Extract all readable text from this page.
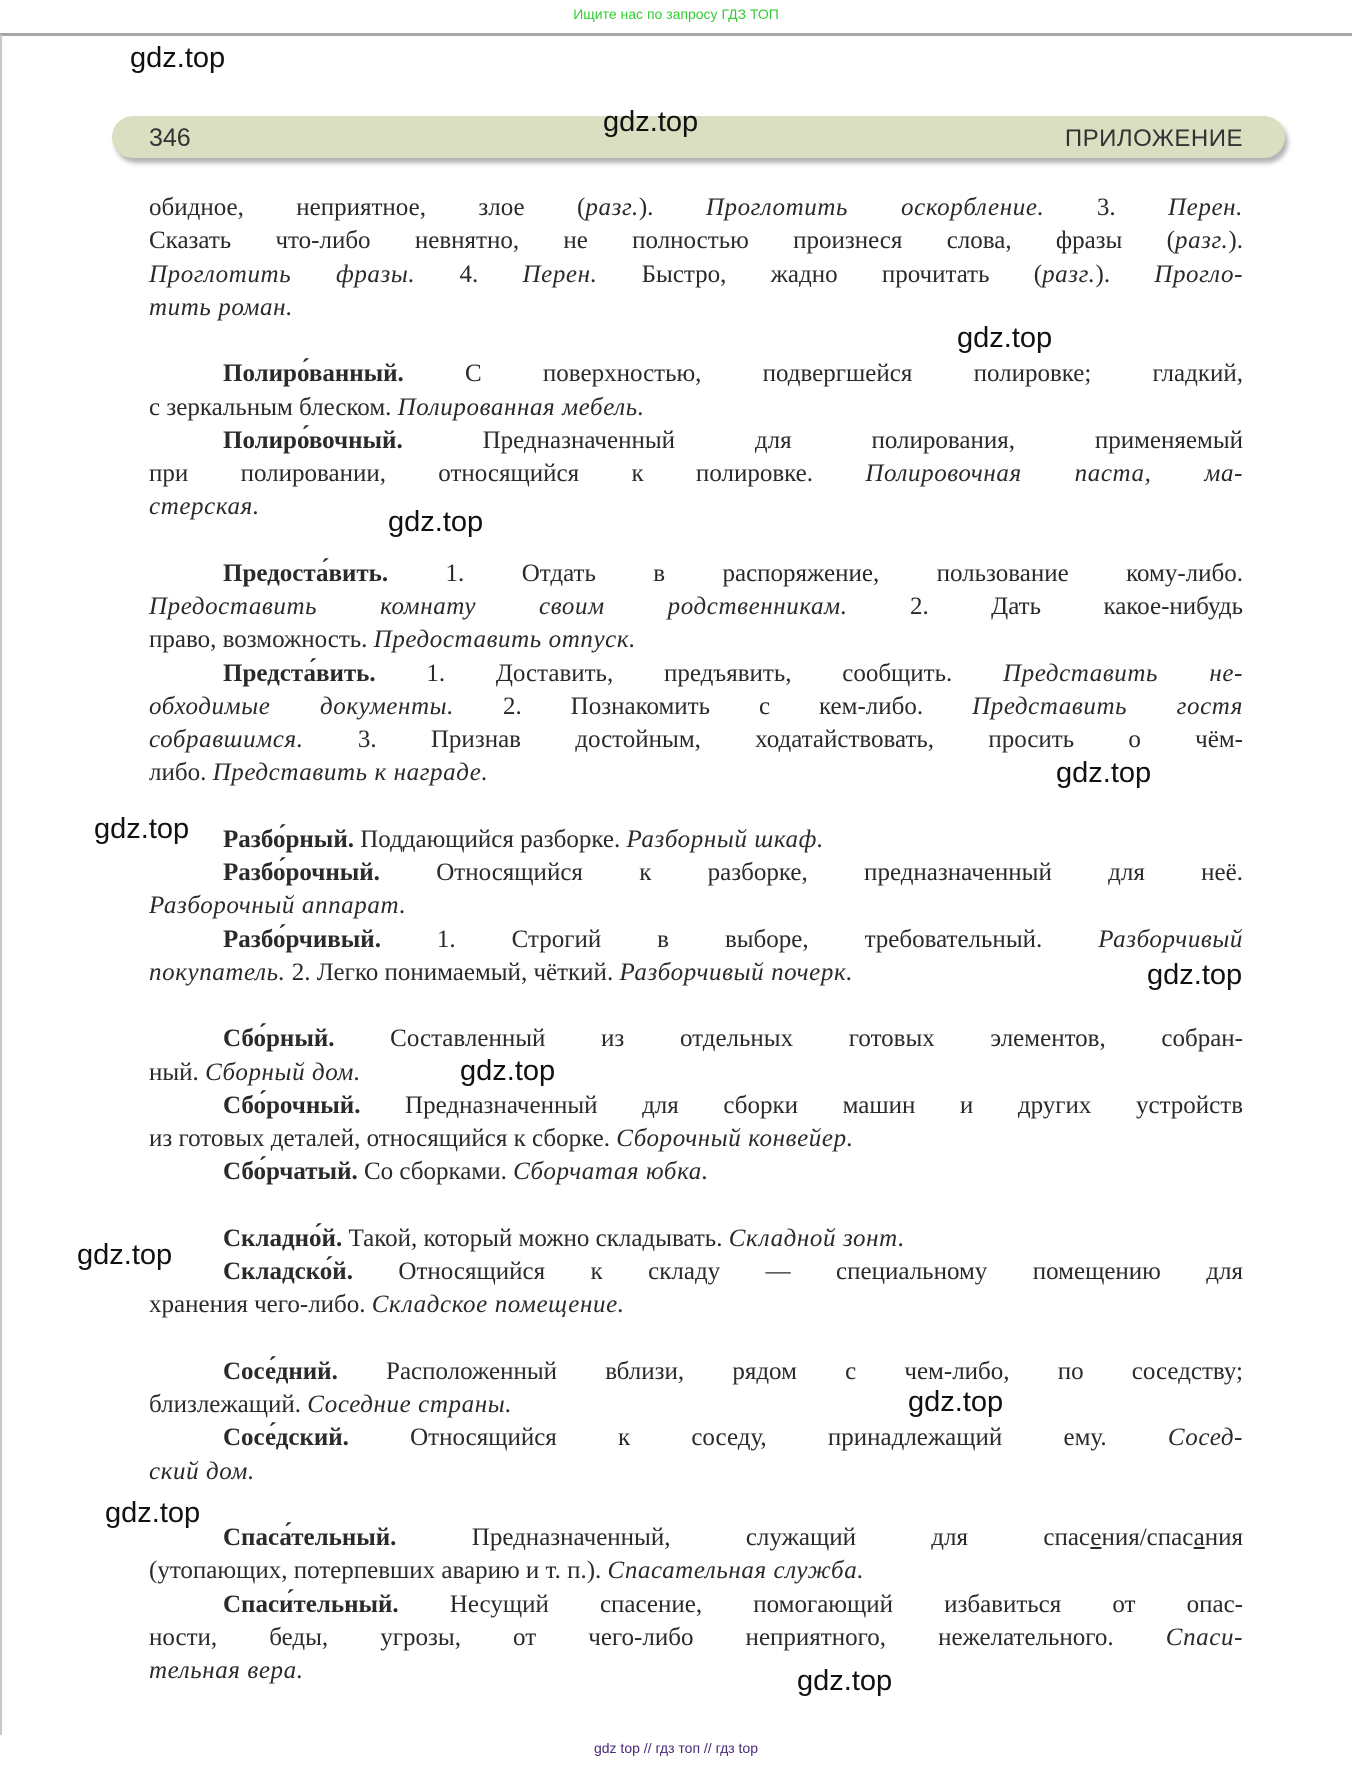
Ищите нас по запросу ГДЗ ТОП
346	ПРИЛОЖЕНИЕ
обидное, неприятное, злое (разг.). Проглотить оскорбление. 3. Перен.
Сказать что-либо невнятно, не полностью произнеся слова, фразы (разг.).
Проглотить фразы. 4. Перен. Быстро, жадно прочитать (разг.). Прогло-
тить роман.
Полиро́ванный. С поверхностью, подвергшейся полировке; гладкий,
с зеркальным блеском. Полированная мебель.
Полиро́вочный. Предназначенный для полирования, применяемый
при полировании, относящийся к полировке. Полировочная паста, ма-
стерская.
Предоста́вить. 1. Отдать в распоряжение, пользование кому-либо.
Предоставить комнату своим родственникам. 2. Дать какое-нибудь
право, возможность. Предоставить отпуск.
Предста́вить. 1. Доставить, предъявить, сообщить. Представить не-
обходимые документы. 2. Познакомить с кем-либо. Представить гостя
собравшимся. 3. Признав достойным, ходатайствовать, просить о чём-
либо. Представить к награде.
Разбо́рный. Поддающийся разборке. Разборный шкаф.
Разбо́рочный. Относящийся к разборке, предназначенный для неё.
Разборочный аппарат.
Разбо́рчивый. 1. Строгий в выборе, требовательный. Разборчивый
покупатель. 2. Легко понимаемый, чёткий. Разборчивый почерк.
Сбо́рный. Составленный из отдельных готовых элементов, собран-
ный. Сборный дом.
Сбо́рочный. Предназначенный для сборки машин и других устройств
из готовых деталей, относящийся к сборке. Сборочный конвейер.
Сбо́рчатый. Со сборками. Сборчатая юбка.
Складно́й. Такой, который можно складывать. Складной зонт.
Складско́й. Относящийся к складу — специальному помещению для
хранения чего-либо. Складское помещение.
Сосе́дний. Расположенный вблизи, рядом с чем-либо, по соседству;
близлежащий. Соседние страны.
Сосе́дский. Относящийся к соседу, принадлежащий ему. Сосед-
ский дом.
Спаса́тельный. Предназначенный, служащий для спасения/спасания
(утопающих, потерпевших аварию и т. п.). Спасательная служба.
Спаси́тельный. Несущий спасение, помогающий избавиться от опас-
ности, беды, угрозы, от чего-либо неприятного, нежелательного. Спаси-
тельная вера.
gdz.top
gdz.top
gdz.top
gdz.top
gdz.top
gdz.top
gdz.top
gdz.top
gdz.top
gdz.top
gdz.top
gdz.top
gdz top // гдз топ // гдз top
